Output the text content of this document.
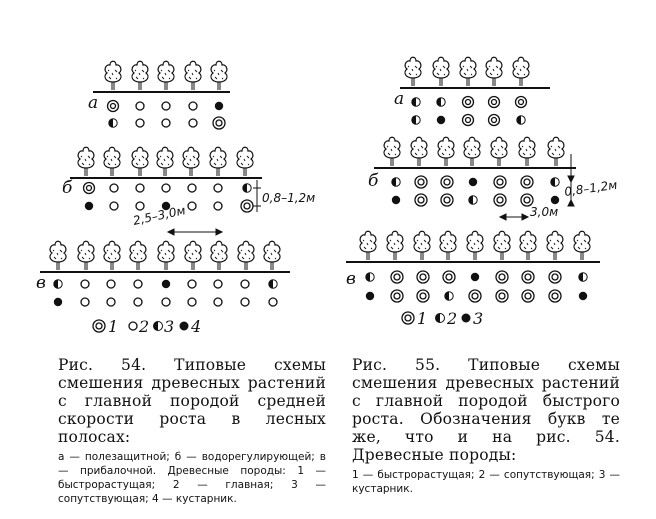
а
б	0,8–1,2м
2,5–3,0м
в
1 2 3 4
а
б	0,8–1,2м
3,0м
в
1 2 3
Рис. 54. Типовые схемы смешения древесных растений с главной породой средней скорости роста в лесных полосах:
а — полезащитной; б — водорегулирующей; в — прибалочной. Древесные породы: 1 — быстрорастущая; 2 — главная; 3 — сопутствующая; 4 — кустарник.
Рис. 55. Типовые схемы смешения древесных растений с главной породой быстрого роста. Обозначения букв те же, что и на рис. 54. Древесные породы:
1 — быстрорастущая; 2 — сопутствующая; 3 — кустарник.
